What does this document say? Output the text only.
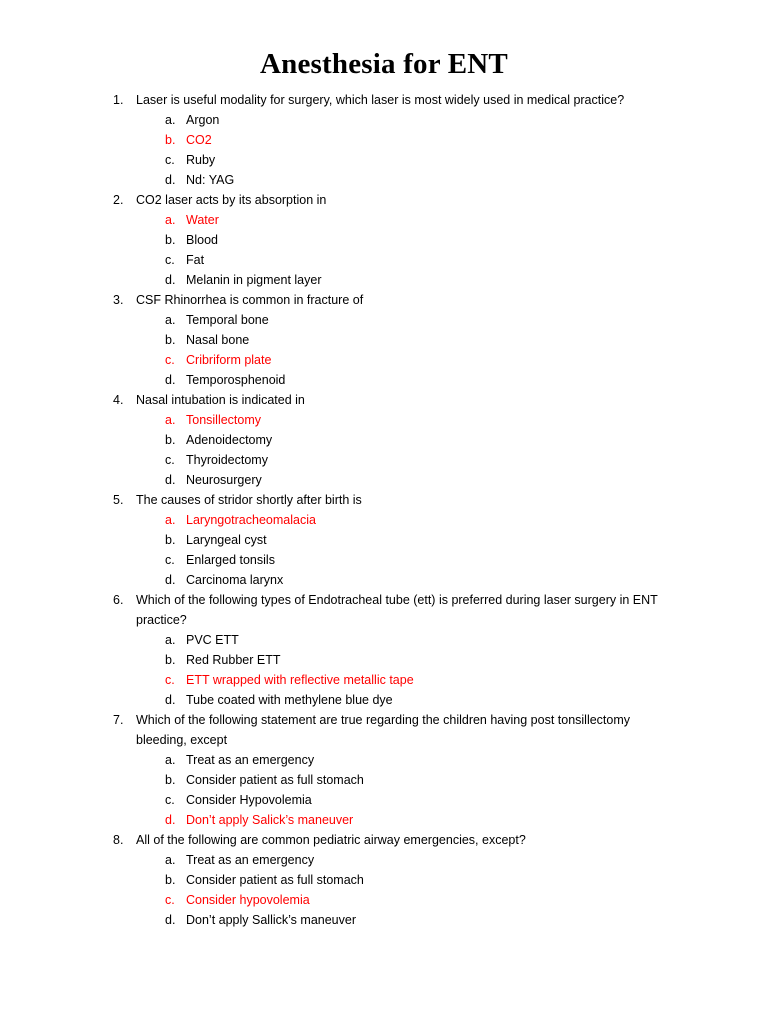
Anesthesia for ENT
1.	Laser is useful modality for surgery, which laser is most widely used in medical practice?
a. Argon
b. CO2
c. Ruby
d. Nd: YAG
2.	CO2 laser acts by its absorption in
a. Water
b. Blood
c. Fat
d. Melanin in pigment layer
3.	CSF Rhinorrhea is common in fracture of
a. Temporal bone
b. Nasal bone
c. Cribriform plate
d. Temporosphenoid
4.	Nasal intubation is indicated in
a. Tonsillectomy
b. Adenoidectomy
c. Thyroidectomy
d. Neurosurgery
5.	The causes of stridor shortly after birth is
a. Laryngotracheomalacia
b. Laryngeal cyst
c. Enlarged tonsils
d. Carcinoma larynx
6.	Which of the following types of Endotracheal tube (ett) is preferred during laser surgery in ENT practice?
a. PVC ETT
b. Red Rubber ETT
c. ETT wrapped with reflective metallic tape
d. Tube coated with methylene blue dye
7.	Which of the following statement are true regarding the children having post tonsillectomy bleeding, except
a. Treat as an emergency
b. Consider patient as full stomach
c. Consider Hypovolemia
d. Don’t apply Salick’s maneuver
8.	All of the following are common pediatric airway emergencies, except?
a. Treat as an emergency
b. Consider patient as full stomach
c. Consider hypovolemia
d. Don’t apply Sallick’s maneuver
